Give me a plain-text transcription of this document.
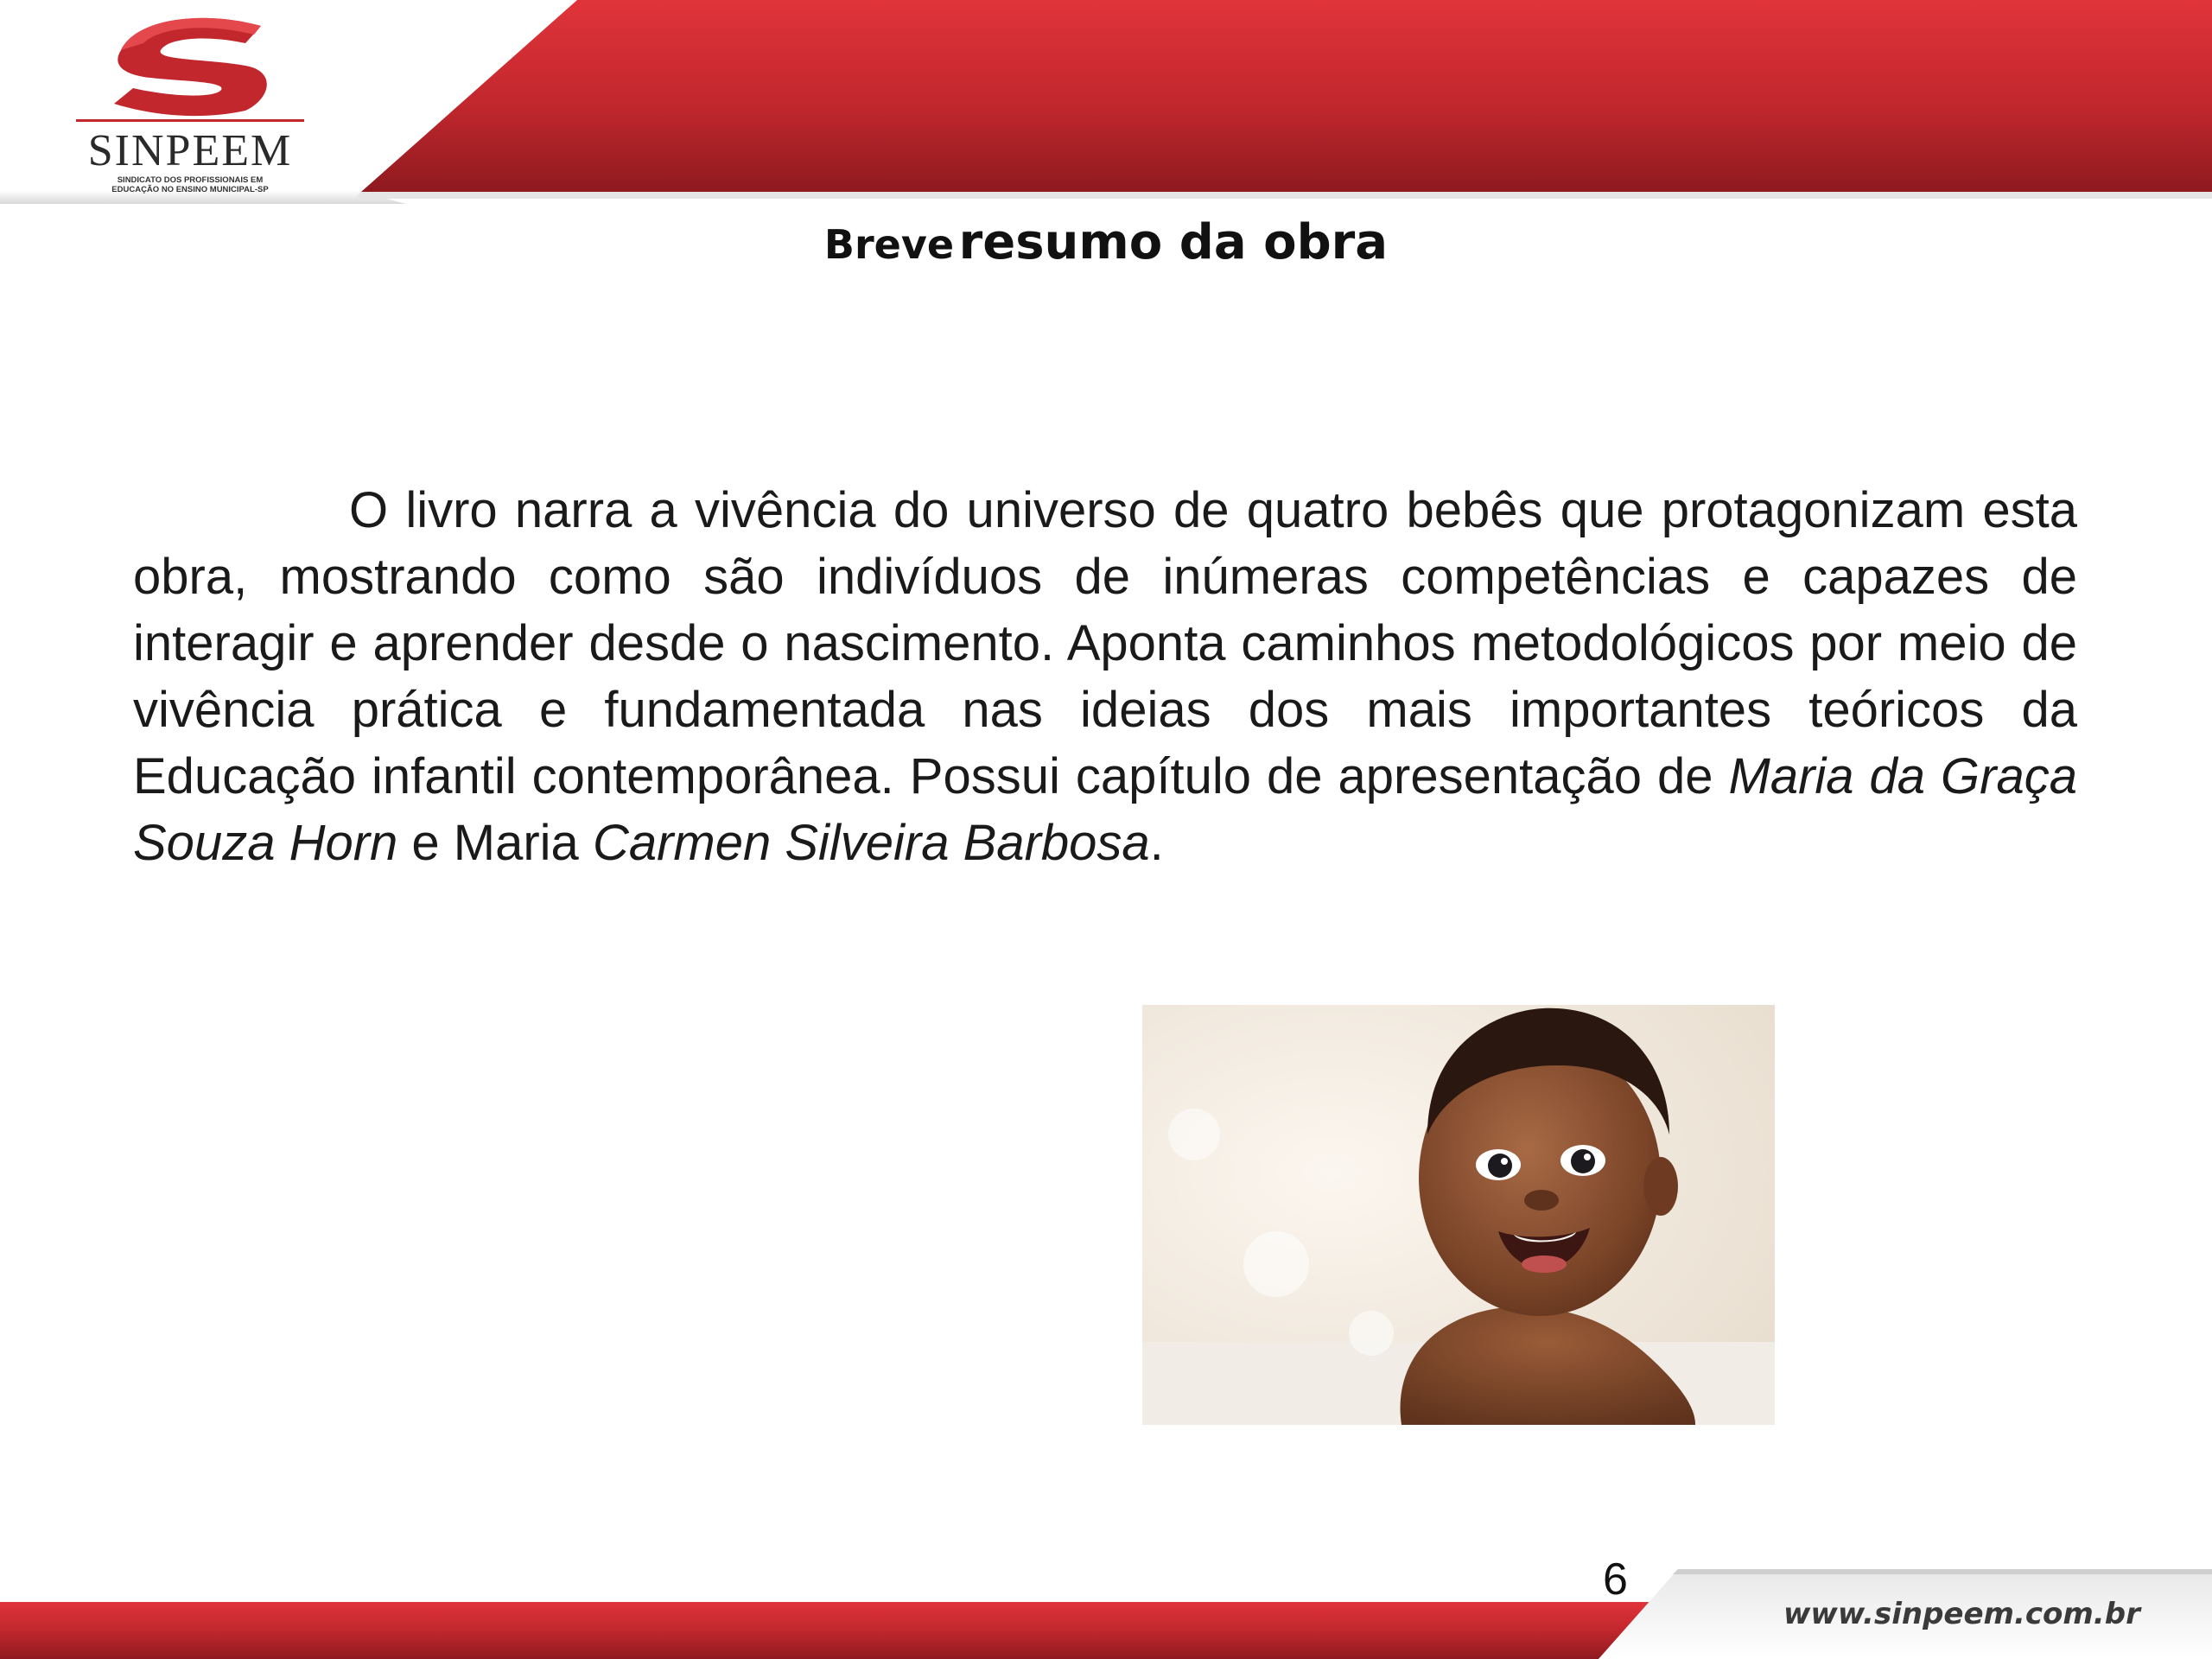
SINPEEM
SINDICATO DOS PROFISSIONAIS EM
EDUCAÇÃO NO ENSINO MUNICIPAL-SP
Breve resumo da obra

O livro narra a vivência do universo de quatro bebês que protagonizam esta obra, mostrando como são indivíduos de inúmeras competências e capazes de interagir e aprender desde o nascimento. Aponta caminhos metodológicos por meio de vivência prática e fundamentada nas ideias dos mais importantes teóricos da Educação infantil contemporânea. Possui capítulo de apresentação de Maria da Graça Souza Horn e Maria Carmen Silveira Barbosa.

6
www.sinpeem.com.br
